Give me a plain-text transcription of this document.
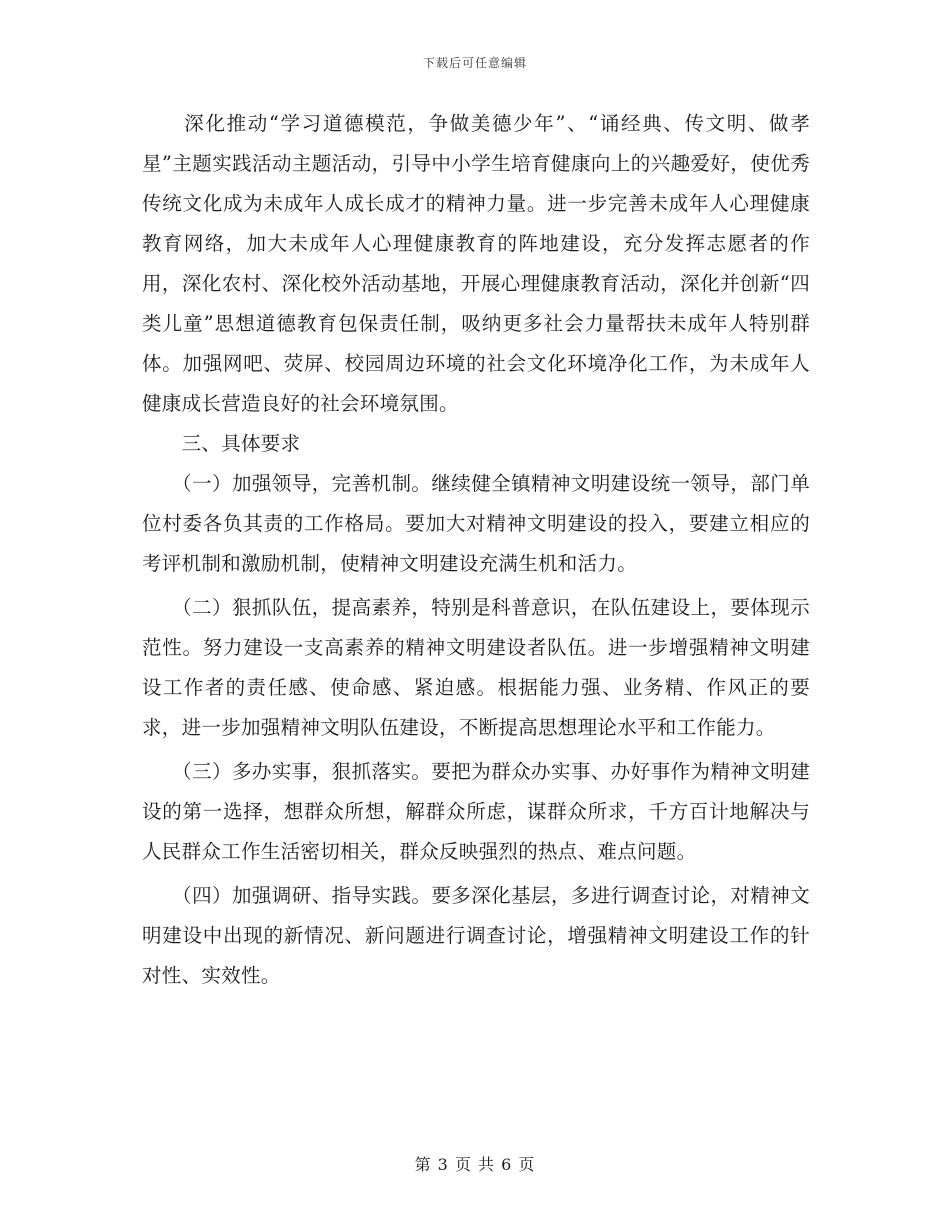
下载后可任意编辑

　　深化推动“学习道德模范，争做美德少年”、“诵经典、传文明、做孝星”主题实践活动主题活动，引导中小学生培育健康向上的兴趣爱好，使优秀传统文化成为未成年人成长成才的精神力量。进一步完善未成年人心理健康教育网络，加大未成年人心理健康教育的阵地建设，充分发挥志愿者的作用，深化农村、深化校外活动基地，开展心理健康教育活动，深化并创新“四类儿童”思想道德教育包保责任制，吸纳更多社会力量帮扶未成年人特别群体。加强网吧、荧屏、校园周边环境的社会文化环境净化工作，为未成年人健康成长营造良好的社会环境氛围。

　　三、具体要求

　　（一）加强领导，完善机制。继续健全镇精神文明建设统一领导，部门单位村委各负其责的工作格局。要加大对精神文明建设的投入，要建立相应的考评机制和激励机制，使精神文明建设充满生机和活力。

　　（二）狠抓队伍，提高素养，特别是科普意识，在队伍建设上，要体现示范性。努力建设一支高素养的精神文明建设者队伍。进一步增强精神文明建设工作者的责任感、使命感、紧迫感。根据能力强、业务精、作风正的要求，进一步加强精神文明队伍建设，不断提高思想理论水平和工作能力。

　　（三）多办实事，狠抓落实。要把为群众办实事、办好事作为精神文明建设的第一选择，想群众所想，解群众所虑，谋群众所求，千方百计地解决与人民群众工作生活密切相关，群众反映强烈的热点、难点问题。

　　（四）加强调研、指导实践。要多深化基层，多进行调查讨论，对精神文明建设中出现的新情况、新问题进行调查讨论，增强精神文明建设工作的针对性、实效性。

第 3 页 共 6 页
